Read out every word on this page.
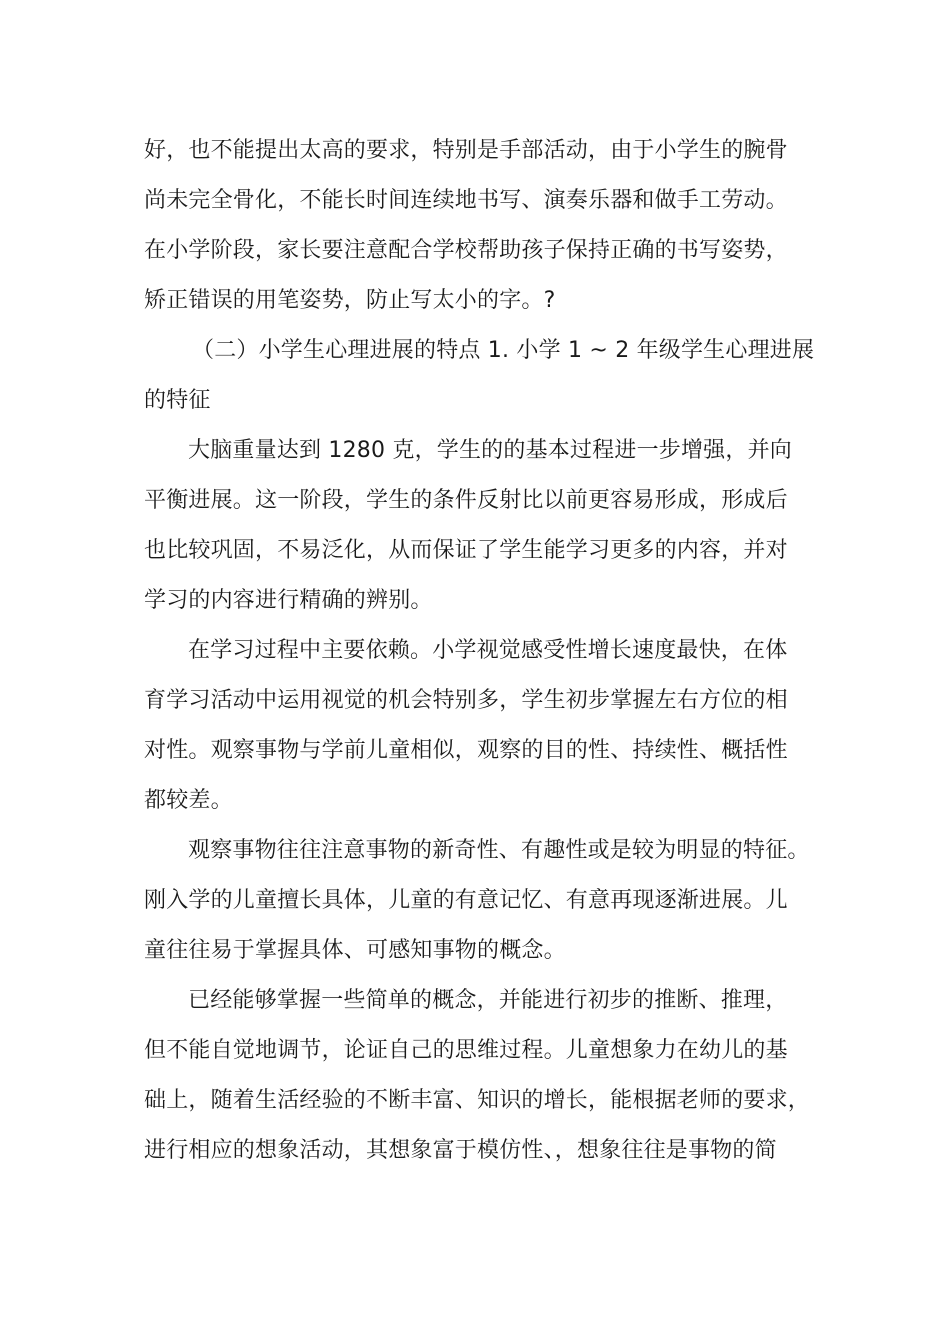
好，也不能提出太高的要求，特别是手部活动，由于小学生的腕骨
尚未完全骨化，不能长时间连续地书写、演奏乐器和做手工劳动。
在小学阶段，家长要注意配合学校帮助孩子保持正确的书写姿势，
矫正错误的用笔姿势，防止写太小的字。?
（二）小学生心理进展的特点 1. 小学 1 ~ 2 年级学生心理进展
的特征
大脑重量达到 1280 克，学生的的基本过程进一步增强，并向
平衡进展。这一阶段，学生的条件反射比以前更容易形成，形成后
也比较巩固，不易泛化，从而保证了学生能学习更多的内容，并对
学习的内容进行精确的辨别。
在学习过程中主要依赖。小学视觉感受性增长速度最快，在体
育学习活动中运用视觉的机会特别多，学生初步掌握左右方位的相
对性。观察事物与学前儿童相似，观察的目的性、持续性、概括性
都较差。
观察事物往往注意事物的新奇性、有趣性或是较为明显的特征。
刚入学的儿童擅长具体，儿童的有意记忆、有意再现逐渐进展。儿
童往往易于掌握具体、可感知事物的概念。
已经能够掌握一些简单的概念，并能进行初步的推断、推理，
但不能自觉地调节，论证自己的思维过程。儿童想象力在幼儿的基
础上，随着生活经验的不断丰富、知识的增长，能根据老师的要求，
进行相应的想象活动，其想象富于模仿性、，想象往往是事物的简
